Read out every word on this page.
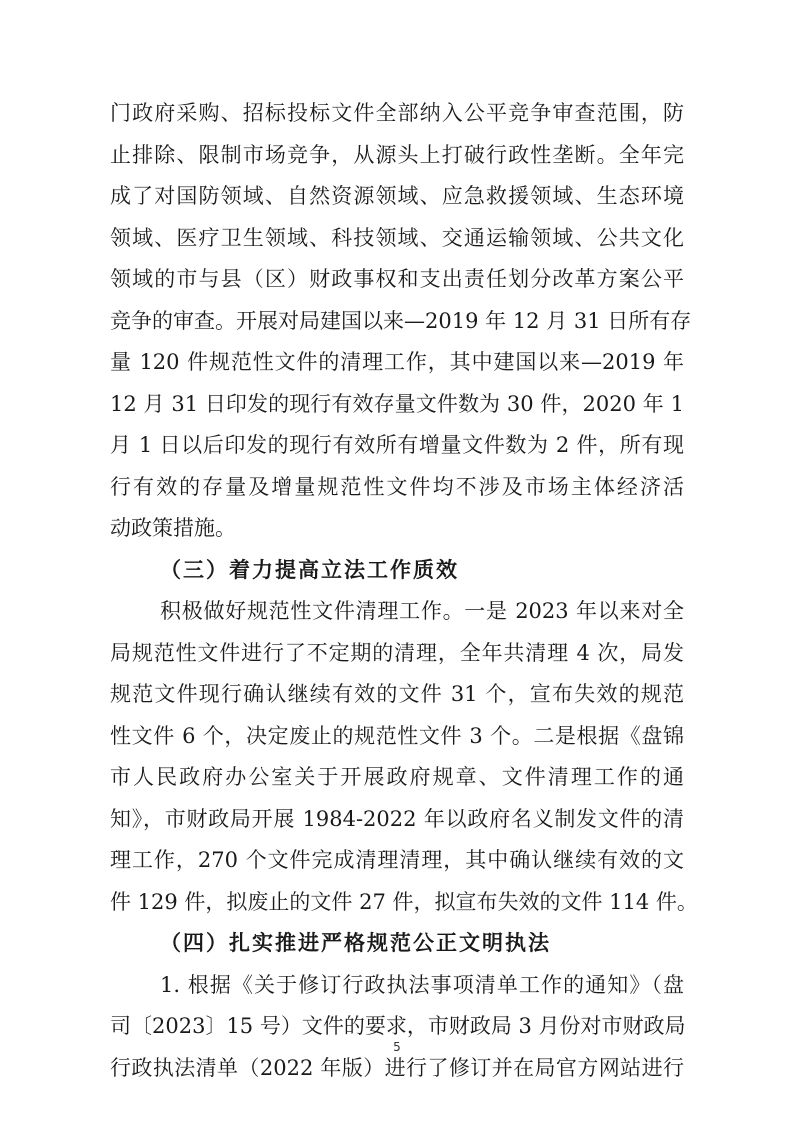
门政府采购、招标投标文件全部纳入公平竞争审查范围，防
止排除、限制市场竞争，从源头上打破行政性垄断。全年完
成了对国防领域、自然资源领域、应急救援领域、生态环境
领域、医疗卫生领域、科技领域、交通运输领域、公共文化
领域的市与县（区）财政事权和支出责任划分改革方案公平
竞争的审查。开展对局建国以来—2019 年 12 月 31 日所有存
量 120 件规范性文件的清理工作，其中建国以来—2019 年
12 月 31 日印发的现行有效存量文件数为 30 件，2020 年 1
月 1 日以后印发的现行有效所有增量文件数为 2 件，所有现
行有效的存量及增量规范性文件均不涉及市场主体经济活
动政策措施。
（三）着力提高立法工作质效
积极做好规范性文件清理工作。一是 2023 年以来对全
局规范性文件进行了不定期的清理，全年共清理 4 次，局发
规范文件现行确认继续有效的文件 31 个，宣布失效的规范
性文件 6 个，决定废止的规范性文件 3 个。二是根据《盘锦
市人民政府办公室关于开展政府规章、文件清理工作的通
知》，市财政局开展 1984-2022 年以政府名义制发文件的清
理工作，270 个文件完成清理清理，其中确认继续有效的文
件 129 件，拟废止的文件 27 件，拟宣布失效的文件 114 件。
（四）扎实推进严格规范公正文明执法
1. 根据《关于修订行政执法事项清单工作的通知》（盘
司〔2023〕15 号）文件的要求，市财政局 3 月份对市财政局
行政执法清单（2022 年版）进行了修订并在局官方网站进行
5
